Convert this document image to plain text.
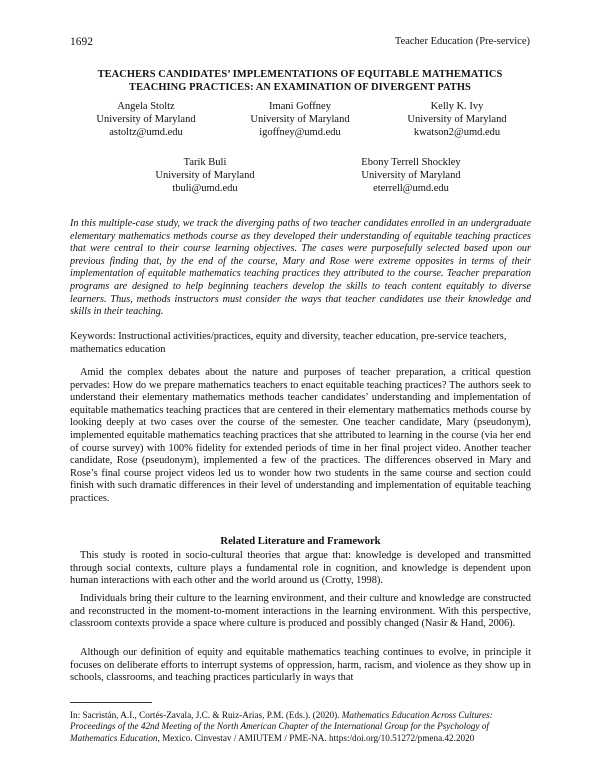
1692	Teacher Education (Pre-service)
TEACHERS CANDIDATES’ IMPLEMENTATIONS OF EQUITABLE MATHEMATICS
TEACHING PRACTICES: AN EXAMINATION OF DIVERGENT PATHS
Angela Stoltz
University of Maryland
astoltz@umd.edu
Imani Goffney
University of Maryland
igoffney@umd.edu
Kelly K. Ivy
University of Maryland
kwatson2@umd.edu
Tarik Buli
University of Maryland
tbuli@umd.edu
Ebony Terrell Shockley
University of Maryland
eterrell@umd.edu
In this multiple-case study, we track the diverging paths of two teacher candidates enrolled in an undergraduate elementary mathematics methods course as they developed their understanding of equitable teaching practices that were central to their course learning objectives. The cases were purposefully selected based upon our previous finding that, by the end of the course, Mary and Rose were extreme opposites in terms of their implementation of equitable mathematics teaching practices they attributed to the course. Teacher preparation programs are designed to help beginning teachers develop the skills to teach content equitably to diverse learners. Thus, methods instructors must consider the ways that teacher candidates use their knowledge and skills in their teaching.
Keywords: Instructional activities/practices, equity and diversity, teacher education, pre-service teachers, mathematics education
Amid the complex debates about the nature and purposes of teacher preparation, a critical question pervades: How do we prepare mathematics teachers to enact equitable teaching practices? The authors seek to understand their elementary mathematics methods teacher candidates’ understanding and implementation of equitable mathematics teaching practices that are centered in their elementary mathematics methods course by looking deeply at two cases over the course of the semester. One teacher candidate, Mary (pseudonym), implemented equitable mathematics teaching practices that she attributed to learning in the course (via her end of course survey) with 100% fidelity for extended periods of time in her final project video. Another teacher candidate, Rose (pseudonym), implemented a few of the practices. The differences observed in Mary and Rose’s final course project videos led us to wonder how two students in the same course and section could finish with such dramatic differences in their level of understanding and implementation of equitable teaching practices.
Related Literature and Framework
This study is rooted in socio-cultural theories that argue that: knowledge is developed and transmitted through social contexts, culture plays a fundamental role in cognition, and knowledge is dependent upon human interactions with each other and the world around us (Crotty, 1998).
Individuals bring their culture to the learning environment, and their culture and knowledge are constructed and reconstructed in the moment-to-moment interactions in the learning environment. With this perspective, classroom contexts provide a space where culture is produced and possibly changed (Nasir & Hand, 2006).
Although our definition of equity and equitable mathematics teaching continues to evolve, in principle it focuses on deliberate efforts to interrupt systems of oppression, harm, racism, and violence as they show up in schools, classrooms, and teaching practices particularly in ways that
In: Sacristán, A.I., Cortés-Zavala, J.C. & Ruiz-Arias, P.M. (Eds.). (2020). Mathematics Education Across Cultures: Proceedings of the 42nd Meeting of the North American Chapter of the International Group for the Psychology of Mathematics Education, Mexico. Cinvestav / AMIUTEM / PME-NA. https:/doi.org/10.51272/pmena.42.2020
